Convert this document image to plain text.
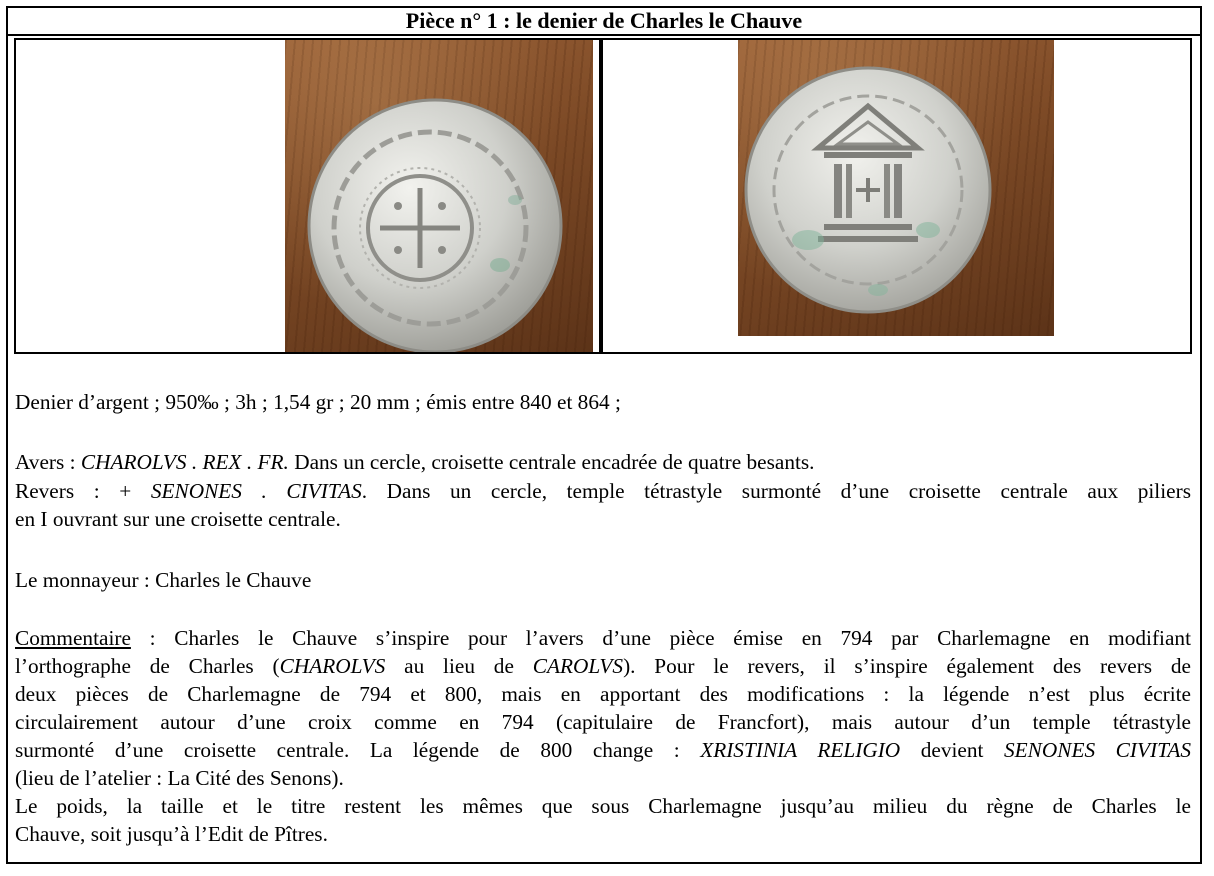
Pièce n° 1 : le denier de Charles le Chauve
Denier d’argent ; 950‰ ; 3h ; 1,54 gr ; 20 mm ; émis entre 840 et 864 ;
Avers : CHAROLVS . REX . FR. Dans un cercle, croisette centrale encadrée de quatre besants.
Revers : + SENONES . CIVITAS. Dans un cercle, temple tétrastyle surmonté d’une croisette centrale aux piliers
en I ouvrant sur une croisette centrale.
Le monnayeur : Charles le Chauve
Commentaire : Charles le Chauve s’inspire pour l’avers d’une pièce émise en 794 par Charlemagne en modifiant
l’orthographe de Charles (CHAROLVS au lieu de CAROLVS). Pour le revers, il s’inspire également des revers de
deux pièces de Charlemagne de 794 et 800, mais en apportant des modifications : la légende n’est plus écrite
circulairement autour d’une croix comme en 794 (capitulaire de Francfort), mais autour d’un temple tétrastyle
surmonté d’une croisette centrale. La légende de 800 change : XRISTINIA RELIGIO devient SENONES CIVITAS
(lieu de l’atelier : La Cité des Senons).
Le poids, la taille et le titre restent les mêmes que sous Charlemagne jusqu’au milieu du règne de Charles le
Chauve, soit jusqu’à l’Edit de Pîtres.
